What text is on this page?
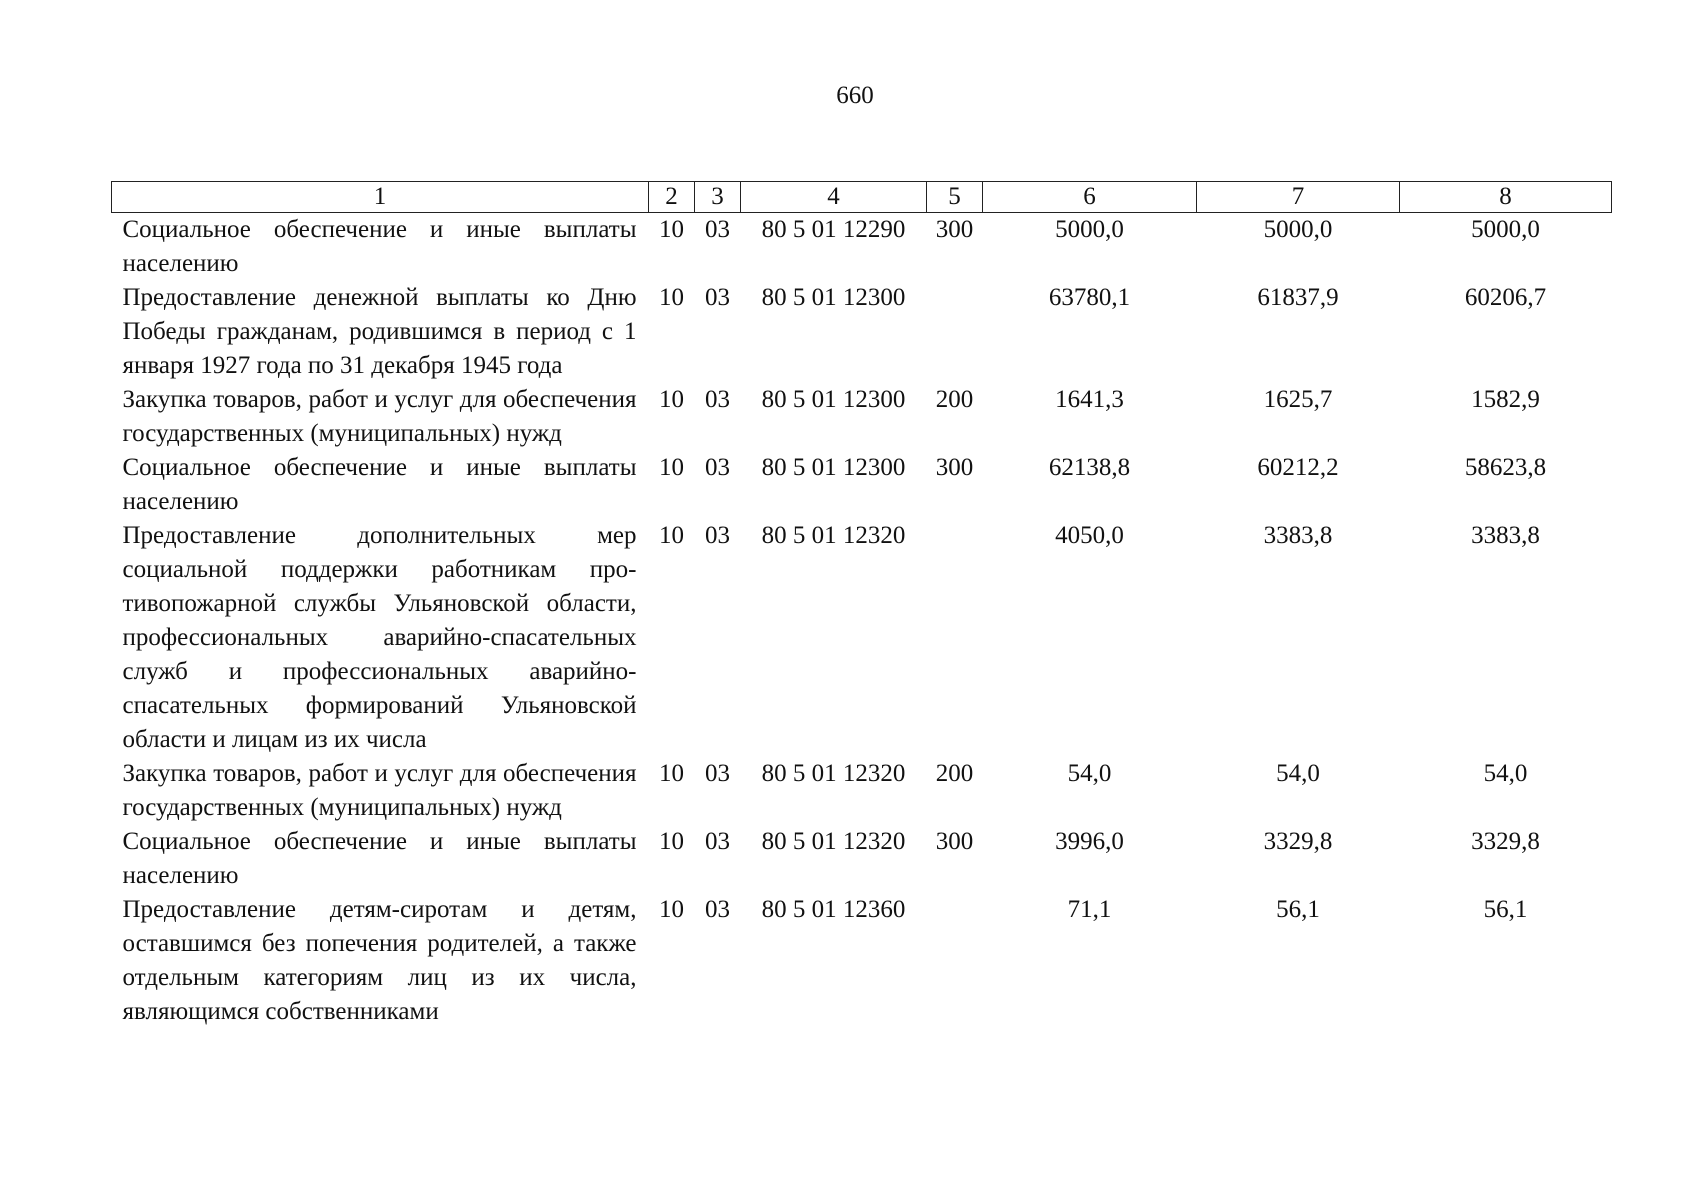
660
1	2	3	4	5	6	7	8
Социальное обеспечение и иные выплаты населению	10	03	80 5 01 12290	300	5000,0	5000,0	5000,0
Предоставление денежной выплаты ко Дню Победы гражданам, родившимся в период с 1 января 1927 года по 31 декабря 1945 года	10	03	80 5 01 12300		63780,1	61837,9	60206,7
Закупка товаров, работ и услуг для обеспечения государственных (муниципальных) нужд	10	03	80 5 01 12300	200	1641,3	1625,7	1582,9
Социальное обеспечение и иные выплаты населению	10	03	80 5 01 12300	300	62138,8	60212,2	58623,8
Предоставление дополнительных мер социальной поддержки работникам противопожарной службы Ульяновской области, профессиональных аварийно-спасательных служб и профессиональных аварийно-спасательных формирований Ульяновской области и лицам из их числа	10	03	80 5 01 12320		4050,0	3383,8	3383,8
Закупка товаров, работ и услуг для обеспечения государственных (муниципальных) нужд	10	03	80 5 01 12320	200	54,0	54,0	54,0
Социальное обеспечение и иные выплаты населению	10	03	80 5 01 12320	300	3996,0	3329,8	3329,8
Предоставление детям-сиротам и детям, оставшимся без попечения родителей, а также отдельным категориям лиц из их числа, являющимся собственниками	10	03	80 5 01 12360		71,1	56,1	56,1
